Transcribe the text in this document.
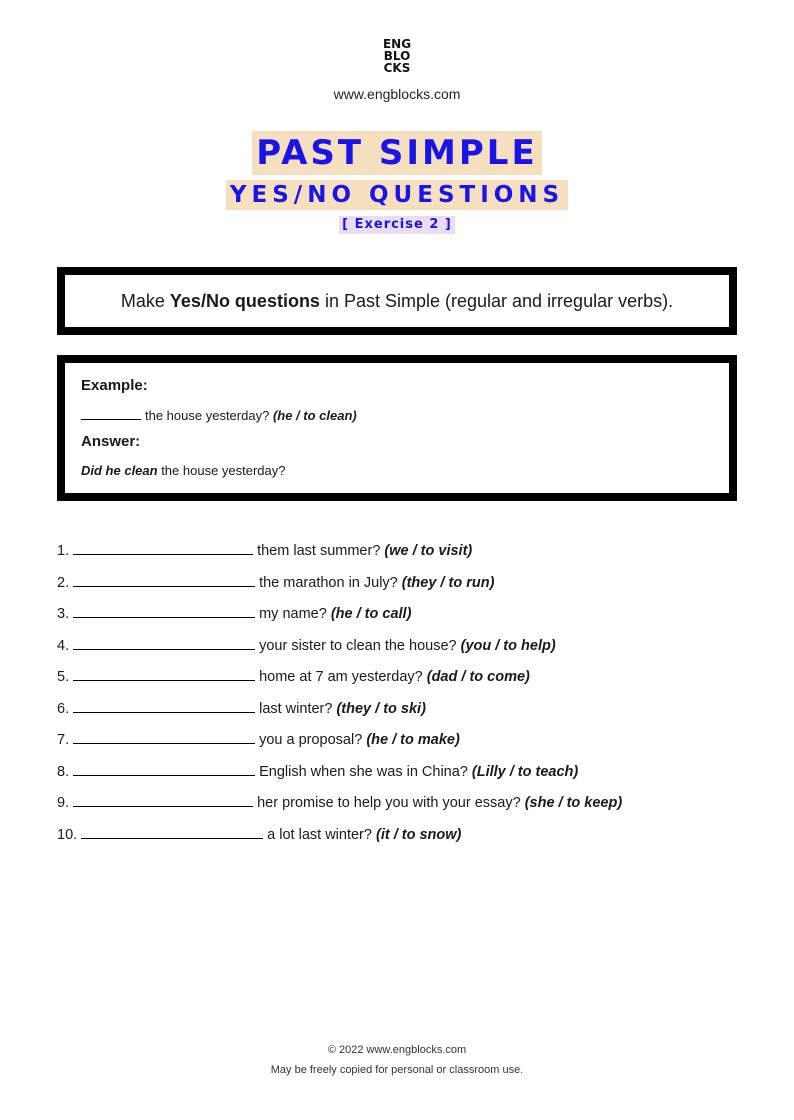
ENG
BLO
CKS
www.engblocks.com
PAST SIMPLE
YES/NO QUESTIONS
[ Exercise 2 ]
Make Yes/No questions in Past Simple (regular and irregular verbs).
Example:
the house yesterday? (he / to clean)
Answer:
Did he clean the house yesterday?
1.	them last summer? (we / to visit)
2.	the marathon in July? (they / to run)
3.	my name? (he / to call)
4.	your sister to clean the house? (you / to help)
5.	home at 7 am yesterday? (dad / to come)
6.	last winter? (they / to ski)
7.	you a proposal? (he / to make)
8.	English when she was in China? (Lilly / to teach)
9.	her promise to help you with your essay? (she / to keep)
10.	a lot last winter? (it / to snow)
© 2022 www.engblocks.com
May be freely copied for personal or classroom use.
